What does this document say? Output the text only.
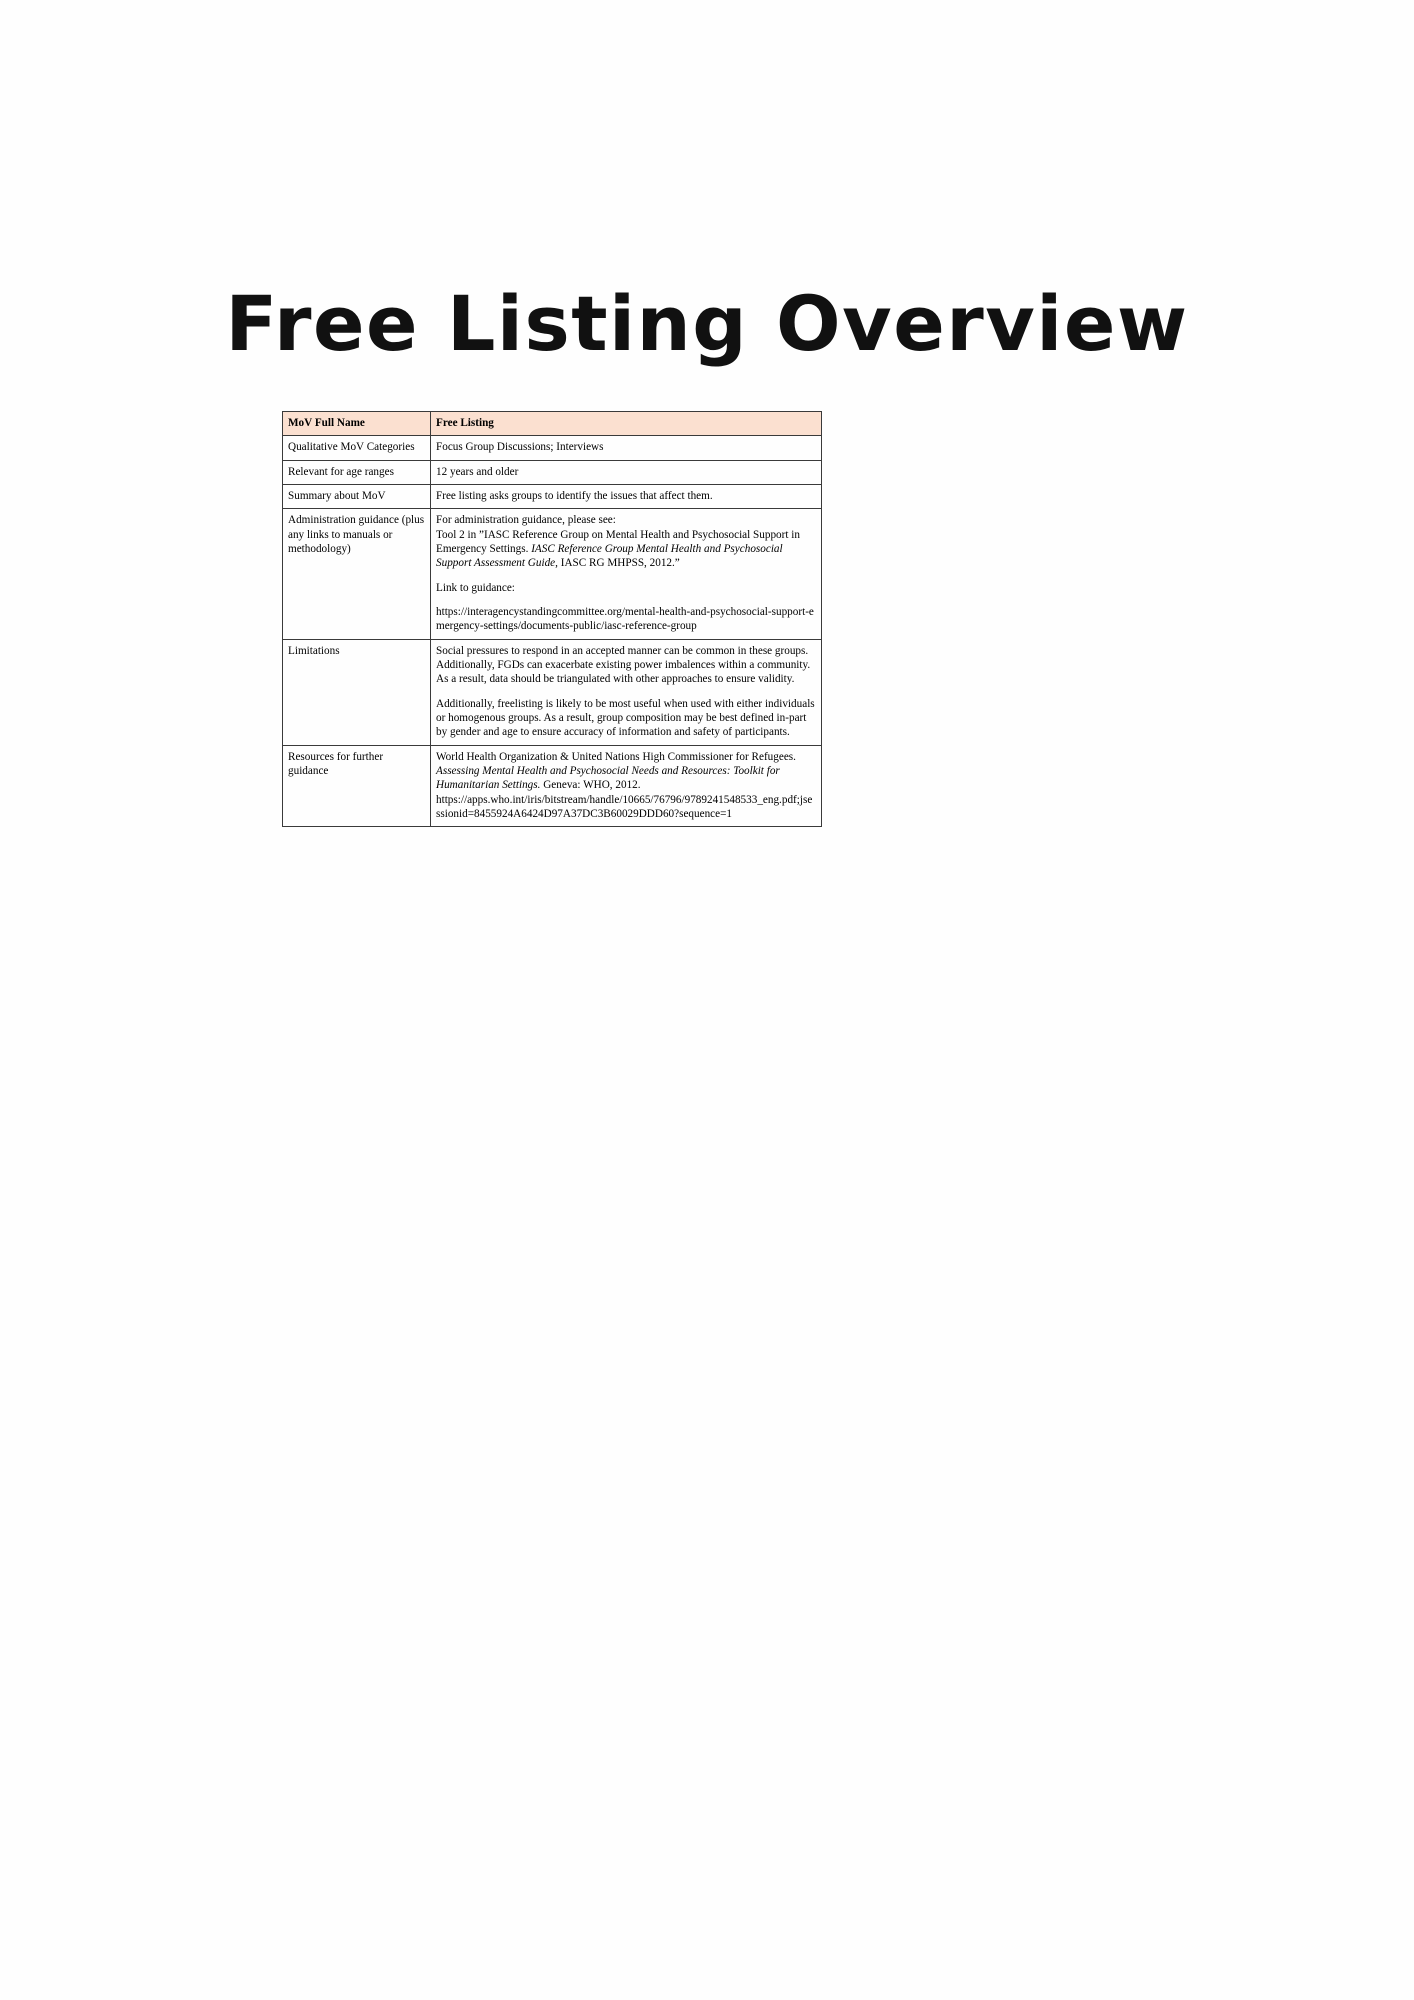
Free Listing Overview
MoV Full Name	Free Listing
Qualitative MoV Categories	Focus Group Discussions; Interviews
Relevant for age ranges	12 years and older
Summary about MoV	Free listing asks groups to identify the issues that affect them.
Administration guidance (plus any links to manuals or methodology)	For administration guidance, please see:

Tool 2 in ”IASC Reference Group on Mental Health and Psychosocial Support in Emergency Settings. IASC Reference Group Mental Health and Psychosocial Support Assessment Guide, IASC RG MHPSS, 2012.”

Link to guidance:

https://interagencystandingcommittee.org/mental-health-and-psychosocial-support-emergency-settings/documents-public/iasc-reference-group

Limitations	Social pressures to respond in an accepted manner can be common in these groups. Additionally, FGDs can exacerbate existing power imbalences within a community. As a result, data should be triangulated with other approaches to ensure validity.

Additionally, freelisting is likely to be most useful when used with either individuals or homogenous groups. As a result, group composition may be best defined in-part by gender and age to ensure accuracy of information and safety of participants.

Resources for further guidance	World Health Organization & United Nations High Commissioner for Refugees. Assessing Mental Health and Psychosocial Needs and Resources: Toolkit for Humanitarian Settings. Geneva: WHO, 2012.

https://apps.who.int/iris/bitstream/handle/10665/76796/9789241548533_eng.pdf;jsessionid=8455924A6424D97A37DC3B60029DDD60?sequence=1
